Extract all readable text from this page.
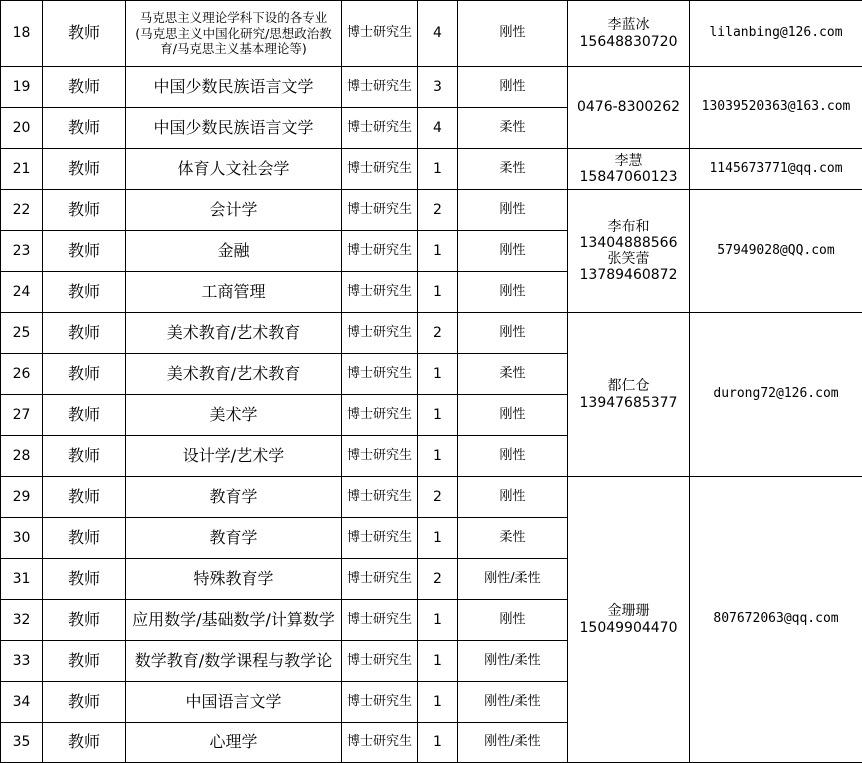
18	教师	马克思主义理论学科下设的各专业
(马克思主义中国化研究/思想政治教
育/马克思主义基本理论等)	博士研究生	4	刚性	李蓝冰
15648830720	lilanbing@126.com
19	教师	中国少数民族语言文学	博士研究生	3	刚性	0476-8300262	13039520363@163.com
20	教师	中国少数民族语言文学	博士研究生	4	柔性		
21	教师	体育人文社会学	博士研究生	1	柔性	李慧
15847060123	1145673771@qq.com
22	教师	会计学	博士研究生	2	刚性	李布和
13404888566
张笑蕾
13789460872	57949028@QQ.com
23	教师	金融	博士研究生	1	刚性		
24	教师	工商管理	博士研究生	1	刚性		
25	教师	美术教育/艺术教育	博士研究生	2	刚性	都仁仓
13947685377	durong72@126.com
26	教师	美术教育/艺术教育	博士研究生	1	柔性		
27	教师	美术学	博士研究生	1	刚性		
28	教师	设计学/艺术学	博士研究生	1	刚性		
29	教师	教育学	博士研究生	2	刚性	金珊珊
15049904470	807672063@qq.com
30	教师	教育学	博士研究生	1	柔性		
31	教师	特殊教育学	博士研究生	2	刚性/柔性		
32	教师	应用数学/基础数学/计算数学	博士研究生	1	刚性		
33	教师	数学教育/数学课程与教学论	博士研究生	1	刚性/柔性		
34	教师	中国语言文学	博士研究生	1	刚性/柔性		
35	教师	心理学	博士研究生	1	刚性/柔性		
